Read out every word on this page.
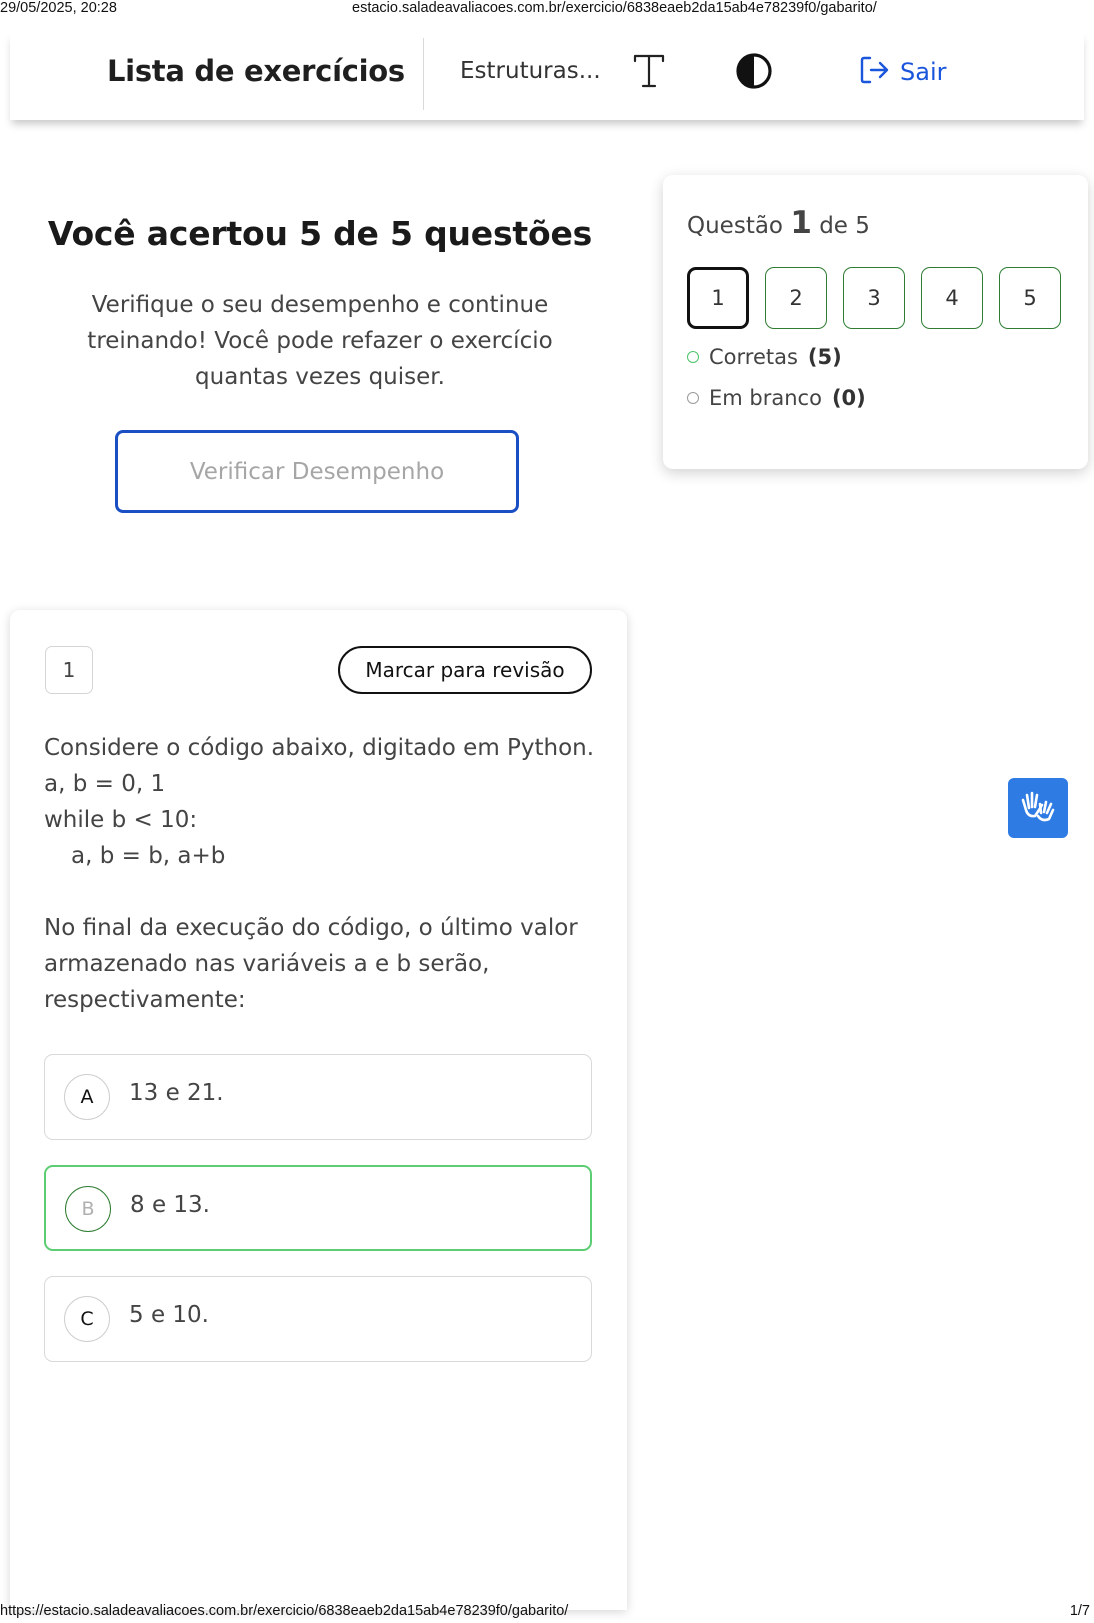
29/05/2025, 20:28	estacio.saladeavaliacoes.com.br/exercicio/6838eaeb2da15ab4e78239f0/gabarito/
Lista de exercícios Estruturas...	Sair
Você acertou 5 de 5 questões
Verifique o seu desempenho e continue treinando! Você pode refazer o exercício quantas vezes quiser.
Verificar Desempenho
Questão 1 de 5
1	2	3	4	5
Corretas (5)
Em branco (0)
1	Marcar para revisão
Considere o código abaixo, digitado em Python.
a, b = 0, 1
while b < 10:
a, b = b, a+b
No final da execução do código, o último valor armazenado nas variáveis a e b serão, respectivamente:
A	13 e 21.
B	8 e 13.
C	5 e 10.
https://estacio.saladeavaliacoes.com.br/exercicio/6838eaeb2da15ab4e78239f0/gabarito/	1/7
